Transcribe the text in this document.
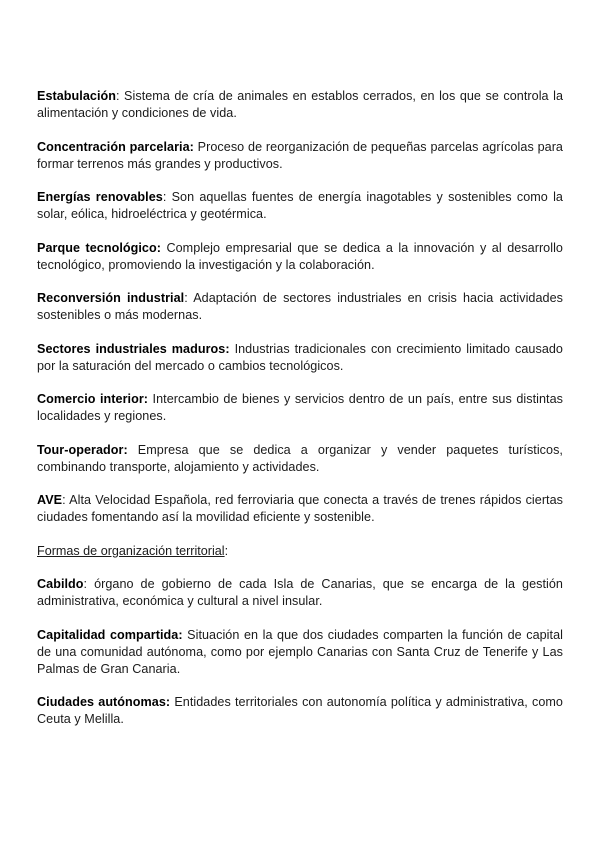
Estabulación: Sistema de cría de animales en establos cerrados, en los que se controla la alimentación y condiciones de vida.

Concentración parcelaria: Proceso de reorganización de pequeñas parcelas agrícolas para formar terrenos más grandes y productivos.

Energías renovables: Son aquellas fuentes de energía inagotables y sostenibles como la solar, eólica, hidroeléctrica y geotérmica.

Parque tecnológico: Complejo empresarial que se dedica a la innovación y al desarrollo tecnológico, promoviendo la investigación y la colaboración.

Reconversión industrial: Adaptación de sectores industriales en crisis hacia actividades sostenibles o más modernas.

Sectores industriales maduros: Industrias tradicionales con crecimiento limitado causado por la saturación del mercado o cambios tecnológicos.

Comercio interior: Intercambio de bienes y servicios dentro de un país, entre sus distintas localidades y regiones.

Tour-operador: Empresa que se dedica a organizar y vender paquetes turísticos, combinando transporte, alojamiento y actividades.

AVE: Alta Velocidad Española, red ferroviaria que conecta a través de trenes rápidos ciertas ciudades fomentando así la movilidad eficiente y sostenible.

Formas de organización territorial:

Cabildo: órgano de gobierno de cada Isla de Canarias, que se encarga de la gestión administrativa, económica y cultural a nivel insular.

Capitalidad compartida: Situación en la que dos ciudades comparten la función de capital de una comunidad autónoma, como por ejemplo Canarias con Santa Cruz de Tenerife y Las Palmas de Gran Canaria.

Ciudades autónomas: Entidades territoriales con autonomía política y administrativa, como Ceuta y Melilla.
